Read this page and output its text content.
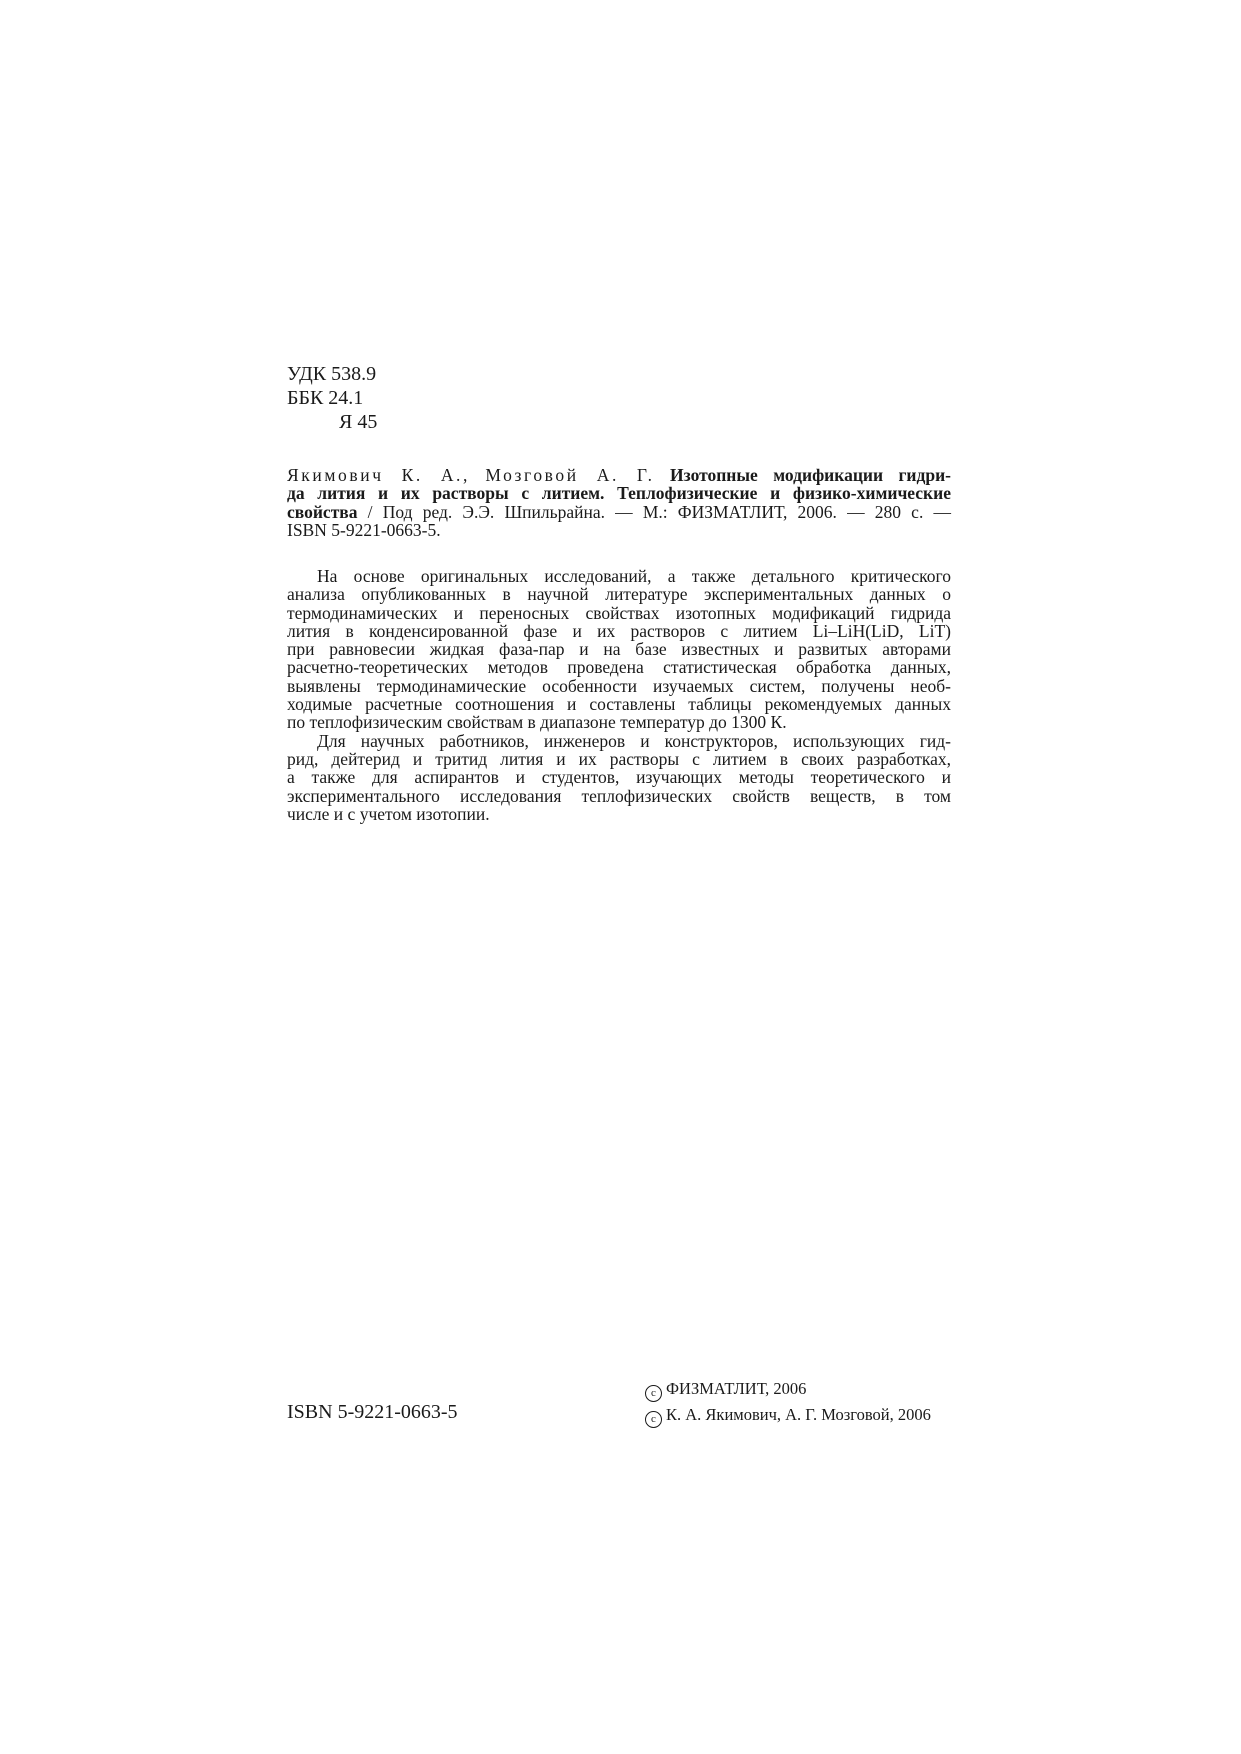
УДК 538.9
ББК 24.1
Я 45
Якимович К. А., Мозговой А. Г. Изотопные модификации гидри-
да лития и их растворы с литием. Теплофизические и физико-химические
свойства / Под ред. Э.Э. Шпильрайна. — М.: ФИЗМАТЛИТ, 2006. — 280 с. —
ISBN 5-9221-0663-5.
На основе оригинальных исследований, а также детального критического
анализа опубликованных в научной литературе экспериментальных данных о
термодинамических и переносных свойствах изотопных модификаций гидрида
лития в конденсированной фазе и их растворов с литием Li–LiH(LiD, LiT)
при равновесии жидкая фаза-пар и на базе известных и развитых авторами
расчетно-теоретических методов проведена статистическая обработка данных,
выявлены термодинамические особенности изучаемых систем, получены необ-
ходимые расчетные соотношения и составлены таблицы рекомендуемых данных
по теплофизическим свойствам в диапазоне температур до 1300 К.
Для научных работников, инженеров и конструкторов, использующих гид-
рид, дейтерид и тритид лития и их растворы с литием в своих разработках,
а также для аспирантов и студентов, изучающих методы теоретического и
экспериментального исследования теплофизических свойств веществ, в том
числе и с учетом изотопии.
ISBN 5-9221-0663-5
c ФИЗМАТЛИТ, 2006
c К. А. Якимович, А. Г. Мозговой, 2006
